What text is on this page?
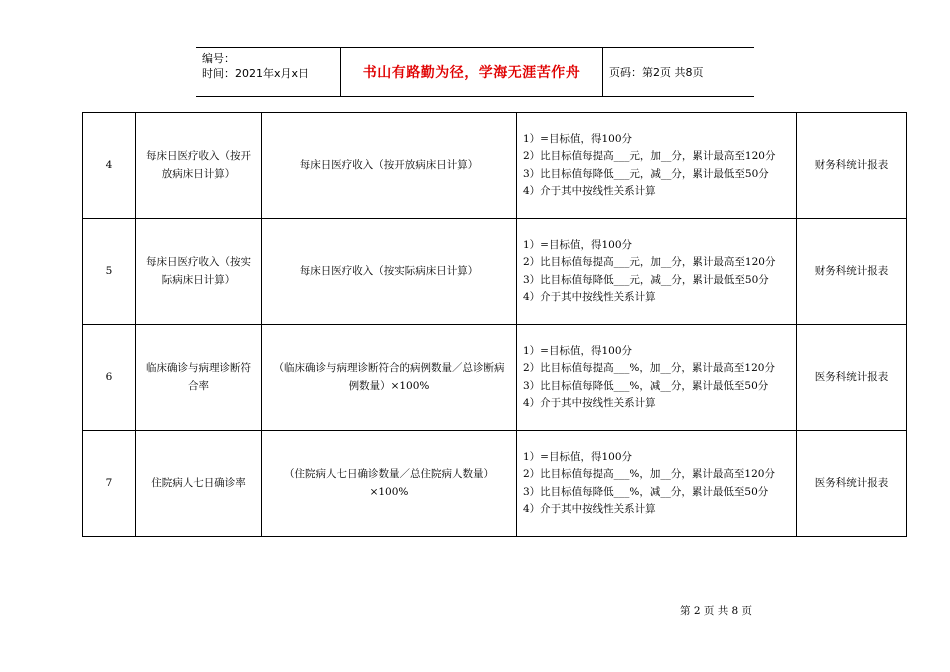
编号：
时间：2021年x月x日	书山有路勤为径，学海无涯苦作舟	页码：第2页 共8页
4	每床日医疗收入（按开放病床日计算）	每床日医疗收入（按开放病床日计算）	1）=目标值，得100分
2）比目标值每提高___元，加__分，累计最高至120分
3）比目标值每降低___元，减__分，累计最低至50分
4）介于其中按线性关系计算	财务科统计报表

5	每床日医疗收入（按实际病床日计算）	每床日医疗收入（按实际病床日计算）	1）=目标值，得100分
2）比目标值每提高___元，加__分，累计最高至120分
3）比目标值每降低___元，减__分，累计最低至50分
4）介于其中按线性关系计算	财务科统计报表

6	临床确诊与病理诊断符合率	（临床确诊与病理诊断符合的病例数量／总诊断病例数量）×100%	1）=目标值，得100分
2）比目标值每提高___%，加__分，累计最高至120分
3）比目标值每降低___%，减__分，累计最低至50分
4）介于其中按线性关系计算	医务科统计报表

7	住院病人七日确诊率	（住院病人七日确诊数量／总住院病人数量）×100%	1）=目标值，得100分
2）比目标值每提高___%，加__分，累计最高至120分
3）比目标值每降低___%，减__分，累计最低至50分
4）介于其中按线性关系计算	医务科统计报表
第 2 页 共 8 页
